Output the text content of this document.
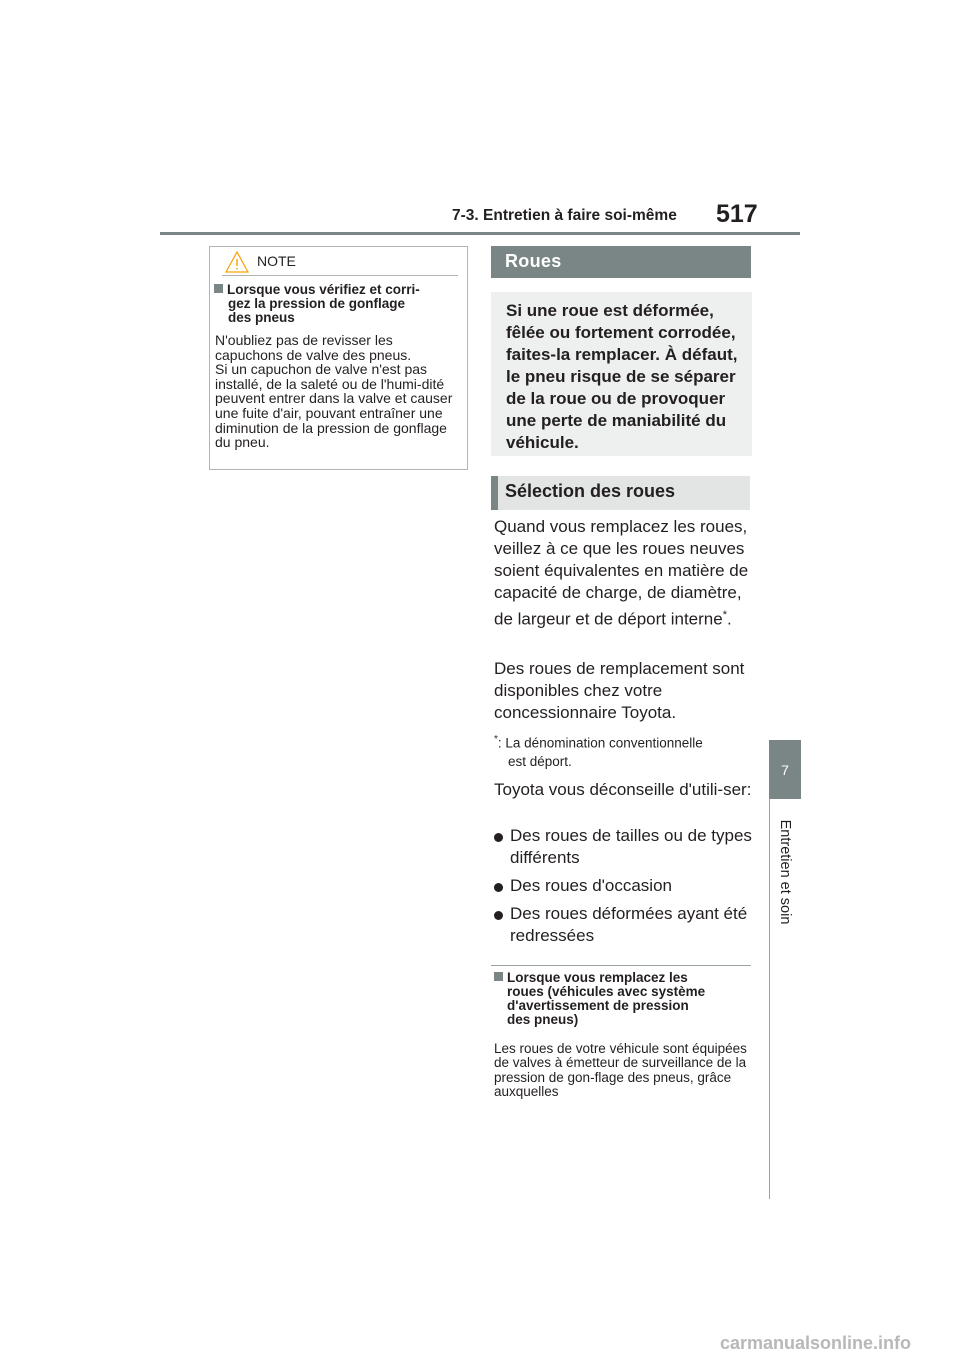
7-3. Entretien à faire soi-même 517
7
Entretien et soin
NOTE
Lorsque vous vérifiez et corri-
gez la pression de gonflage
des pneus
N'oubliez pas de revisser les capuchons de valve des pneus.
Si un capuchon de valve n'est pas installé, de la saleté ou de l'humi-dité peuvent entrer dans la valve et causer une fuite d'air, pouvant entraîner une diminution de la pression de gonflage du pneu.
Roues
Si une roue est déformée, fêlée ou fortement corrodée, faites-la remplacer. À défaut, le pneu risque de se séparer de la roue ou de provoquer une perte de maniabilité du véhicule.
Sélection des roues
Quand vous remplacez les roues, veillez à ce que les roues neuves soient équivalentes en matière de capacité de charge, de diamètre, de largeur et de déport interne*.
Des roues de remplacement sont disponibles chez votre concessionnaire Toyota.
*: La dénomination conventionnelle
est déport.
Toyota vous déconseille d'utili-ser:
Des roues de tailles ou de types différents
Des roues d'occasion
Des roues déformées ayant été redressées
Lorsque vous remplacez les
roues (véhicules avec système
d'avertissement de pression
des pneus)
Les roues de votre véhicule sont équipées de valves à émetteur de surveillance de la pression de gon-flage des pneus, grâce auxquelles
carmanualsonline.info
